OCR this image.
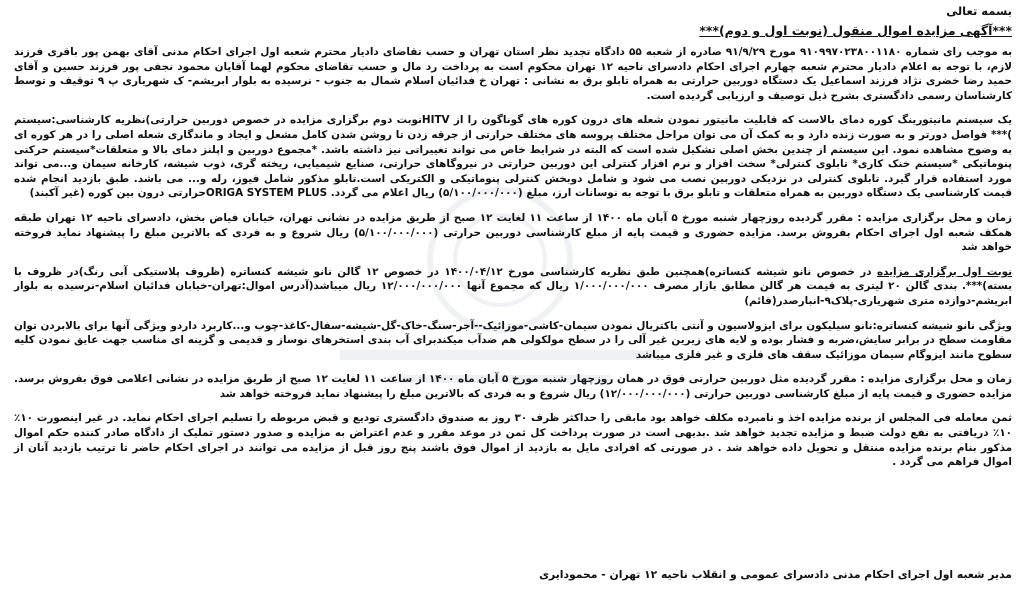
بسمه تعالی
***آگهی مزایده اموال منقول (نوبت اول و دوم)***

به موجب رای شماره ۹۱۰۹۹۷۰۲۳۸۰۰۱۱۸۰ مورخ ۹۱/۹/۲۹ صادره از شعبه ۵۵ دادگاه تجدید نظر استان تهران و حسب تقاضای دادیار محترم شعبه اول اجرای احکام مدنی آقای بهمن پور باقری فرزند لازم، با توجه به اعلام دادیار محترم شعبه چهارم اجرای احکام دادسرای ناحیه ۱۲ تهران محکوم است به پرداخت رد مال و حسب تقاضای محکوم لهما آقایان محمود نجفی پور فرزند حسین و آقای حمید رضا خضری نژاد فرزند اسماعیل یک دستگاه دوربین حرارتی به همراه تابلو برق به نشانی : تهران خ فدائیان اسلام شمال به جنوب - نرسیده به بلوار ابریشم- ک شهریاری پ ۹ توقیف و توسط کارشناسان رسمی دادگستری بشرح ذیل توصیف و ارزیابی گردیده است.

یک سیستم مانیتورینگ کوره دمای بالاست که قابلیت مانیتور نمودن شعله های درون کوره های گوناگون را از HITVنوبت دوم برگزاری مزایده در خصوص دوربین حرارتی)نظریه کارشناسی:سیستم )*** فواصل دورتر و به صورت زنده دارد و به کمک آن می توان مراحل مختلف پروسه های مختلف حرارتی از جرقه زدن تا روشن شدن کامل مشعل و ایجاد و ماندگاری شعله اصلی را در هر کوره ای به وضوح مشاهده نمود. این سیستم از چندین بخش اصلی تشکیل شده است که البته در شرایط خاص می تواند تغییراتی نیز داشته باشد. *مجموع دوربین و اپلنز دمای بالا و متعلقات*سیستم حرکتی پنوماتیکی *سیستم خنک کاری* تابلوی کنترلی* سخت افزار و نرم افزار کنترلی این دوربین حرارتی در نیروگاهای حرارتی، صنایع شیمیایی، ریخته گری، ذوب شیشه، کارخانه سیمان و...می تواند مورد استفاده قرار گیرد. تابلوی کنترلی در نزدیکی دوربین نصب می شود و شامل دوبخش کنترلی پنوماتیکی و الکتریکی است.تابلو مذکور شامل فیوز، رله و... می باشد. طبق بازدید انجام شده قیمت کارشناسی یک دستگاه دوربین به همراه متعلقات و تابلو برق با توجه به نوسانات ارز، مبلغ (۵/۱۰۰/۰۰۰/۰۰۰) ریال اعلام می گردد. ORIGA SYSTEM PLUSحرارتی درون بین کوره (غیر آکبند)

زمان و محل برگزاری مزایده : مقرر گردیده روزچهار شنبه مورخ ۵ آبان ماه ۱۴۰۰ از ساعت ۱۱ لغایت ۱۲ صبح از طریق مزایده در نشانی تهران، خیابان فیاض بخش، دادسرای ناحیه ۱۲ تهران طبقه همکف شعبه اول اجرای احکام بفروش برسد. مزایده حضوری و قیمت پایه از مبلغ کارشناسی دوربین حرارتی (۵/۱۰۰/۰۰۰/۰۰۰) ریال شروع و به فردی که بالاترین مبلغ را پیشنهاد نماید فروخته خواهد شد

نوبت اول برگزاری مزایده در خصوص نانو شیشه کنساتره)همچنین طبق نظریه کارشناسی مورخ ۱۴۰۰/۰۴/۱۲ در خصوص ۱۲ گالن نانو شیشه کنساتره (ظروف پلاستیکی آبی رنگ)در ظروف با بسته)***. بندی گالن ۲۰ لیتری به قیمت هر گالن مطابق بازار مصرف ۱/۰۰۰/۰۰۰/۰۰۰ ریال که مجموع آنها ۱۲/۰۰۰/۰۰۰/۰۰۰ ریال میباشد(آدرس اموال:تهران-خیابان فدائیان اسلام-نرسیده به بلوار ابریشم-دوازده متری شهریاری-پلاک۹-انبارصدر(قائم)

ویژگی نانو شیشه کنساتره:نانو سیلیکون برای ایزولاسیون و آنتی باکتریال نمودن سیمان-کاشی-موزائیک--آجر-سنگ-خاک-گل-شیشه-سفال-کاغذ-چوب و...کاربرد داردو ویژگی آنها برای بالابردن توان مقاومت سطح در برابر سایش،ضربه و فشار بوده و لایه های زیرین غیر آلی را در سطح مولکولی هم ضدآب میکندبرای آب بندی استخرهای نوساز و قدیمی و گزینه ای مناسب جهت عایق نمودن کلیه سطوح مانند ایزوگام سیمان موزائیک سقف های فلزی و غیر فلزی میباشد

زمان و محل برگزاری مزایده : مقرر گردیده مثل دوربین حرارتی فوق در همان روزچهار شنبه مورخ ۵ آبان ماه ۱۴۰۰ از ساعت ۱۱ لغایت ۱۲ صبح از طریق مزایده در نشانی اعلامی فوق بفروش برسد. مزایده حضوری و قیمت پایه از مبلغ کارشناسی دوربین حرارتی (۱۲/۰۰۰/۰۰۰/۰۰۰) ریال شروع و به فردی که بالاترین مبلغ را پیشنهاد نماید فروخته خواهد شد

ثمن معامله فی المجلس از برنده مزایده اخذ و نامبرده مکلف خواهد بود مابقی را حداکثر ظرف ۳۰ روز به صندوق دادگستری تودیع و قبض مربوطه را تسلیم اجرای احکام نماید. در غیر اینصورت ۱۰٪ ۱۰٪ دریافتی به نفع دولت ضبط و مزایده تجدید خواهد شد .بدیهی است در صورت پرداخت کل ثمن در موعد مقرر و عدم اعتراض به مزایده و صدور دستور تملیک از دادگاه صادر کننده حکم اموال مذکور بنام برنده مزایده منتقل و تحویل داده خواهد شد . در صورتی که افرادی مایل به بازدید از اموال فوق باشند پنج روز قبل از مزایده می توانند در اجرای احکام حاضر تا ترتیب بازدید آنان از اموال فراهم می گردد .

مدیر شعبه اول اجرای احکام مدنی دادسرای عمومی و انقلاب ناحیه ۱۲ تهران - محمودایری
